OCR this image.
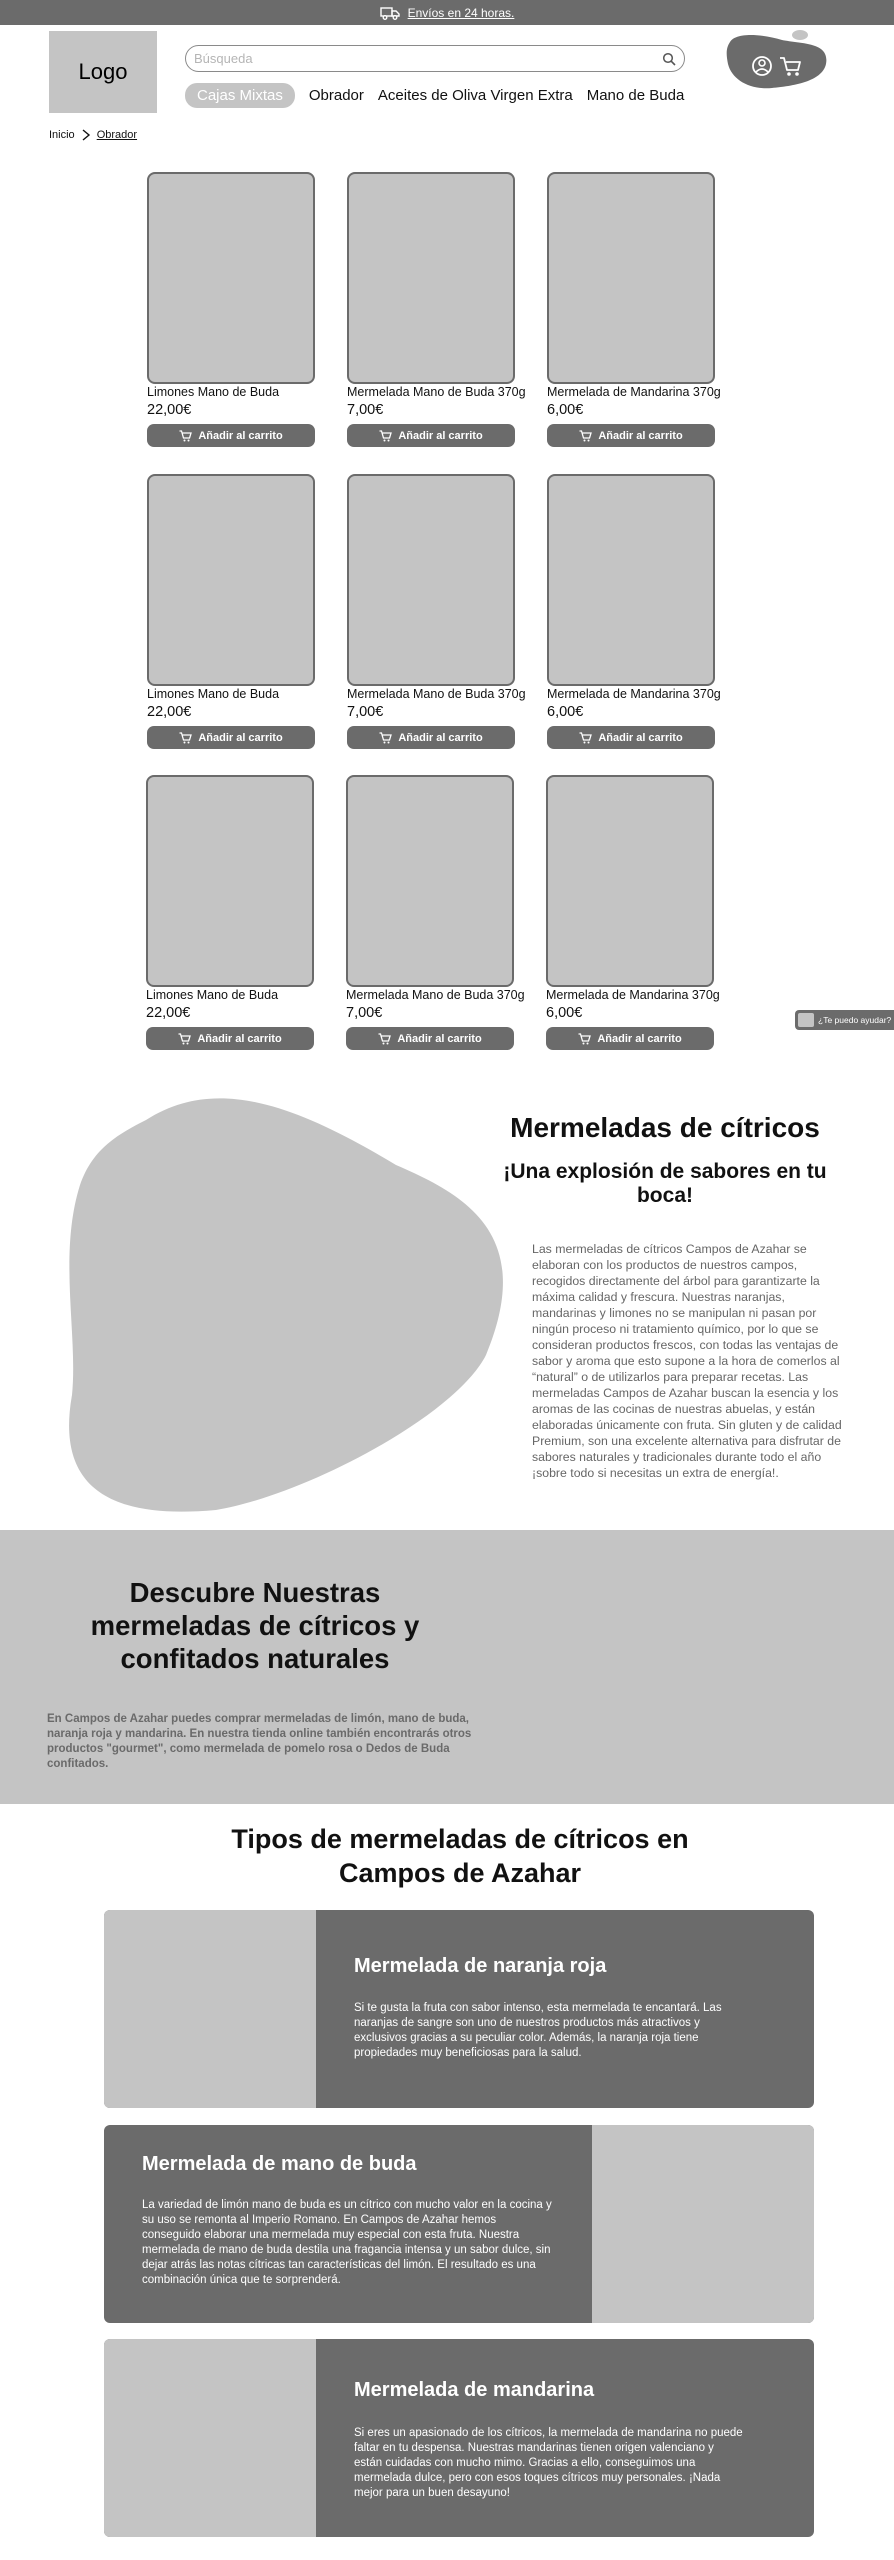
Envíos en 24 horas.
Logo
Búsqueda
Cajas Mixtas	Obrador Aceites de Oliva Virgen Extra Mano de Buda
Inicio Obrador
Limones Mano de Buda
22,00€
Añadir al carrito
Mermelada Mano de Buda 370g
7,00€
Añadir al carrito
Mermelada de Mandarina 370g
6,00€
Añadir al carrito
Limones Mano de Buda
22,00€
Añadir al carrito
Mermelada Mano de Buda 370g
7,00€
Añadir al carrito
Mermelada de Mandarina 370g
6,00€
Añadir al carrito
Limones Mano de Buda
22,00€
Añadir al carrito
Mermelada Mano de Buda 370g
7,00€
Añadir al carrito
Mermelada de Mandarina 370g
6,00€
Añadir al carrito
¿Te puedo ayudar?
Mermeladas de cítricos
¡Una explosión de sabores en tu boca!

Las mermeladas de cítricos Campos de Azahar se elaboran con los productos de nuestros campos, recogidos directamente del árbol para garantizarte la máxima calidad y frescura. Nuestras naranjas, mandarinas y limones no se manipulan ni pasan por ningún proceso ni tratamiento químico, por lo que se consideran productos frescos, con todas las ventajas de sabor y aroma que esto supone a la hora de comerlos al “natural” o de utilizarlos para preparar recetas. Las mermeladas Campos de Azahar buscan la esencia y los aromas de las cocinas de nuestras abuelas, y están elaboradas únicamente con fruta. Sin gluten y de calidad Premium, son una excelente alternativa para disfrutar de sabores naturales y tradicionales durante todo el año ¡sobre todo si necesitas un extra de energía!.

Descubre Nuestras mermeladas de cítricos y confitados naturales

En Campos de Azahar puedes comprar mermeladas de limón, mano de buda, naranja roja y mandarina. En nuestra tienda online también encontrarás otros productos "gourmet", como mermelada de pomelo rosa o Dedos de Buda confitados.

Tipos de mermeladas de cítricos en Campos de Azahar
Mermelada de naranja roja

Si te gusta la fruta con sabor intenso, esta mermelada te encantará. Las naranjas de sangre son uno de nuestros productos más atractivos y exclusivos gracias a su peculiar color. Además, la naranja roja tiene propiedades muy beneficiosas para la salud.

Mermelada de mano de buda

La variedad de limón mano de buda es un cítrico con mucho valor en la cocina y su uso se remonta al Imperio Romano. En Campos de Azahar hemos conseguido elaborar una mermelada muy especial con esta fruta. Nuestra mermelada de mano de buda destila una fragancia intensa y un sabor dulce, sin dejar atrás las notas cítricas tan características del limón. El resultado es una combinación única que te sorprenderá.

Mermelada de mandarina

Si eres un apasionado de los cítricos, la mermelada de mandarina no puede faltar en tu despensa. Nuestras mandarinas tienen origen valenciano y están cuidadas con mucho mimo. Gracias a ello, conseguimos una mermelada dulce, pero con esos toques cítricos muy personales. ¡Nada mejor para un buen desayuno!
